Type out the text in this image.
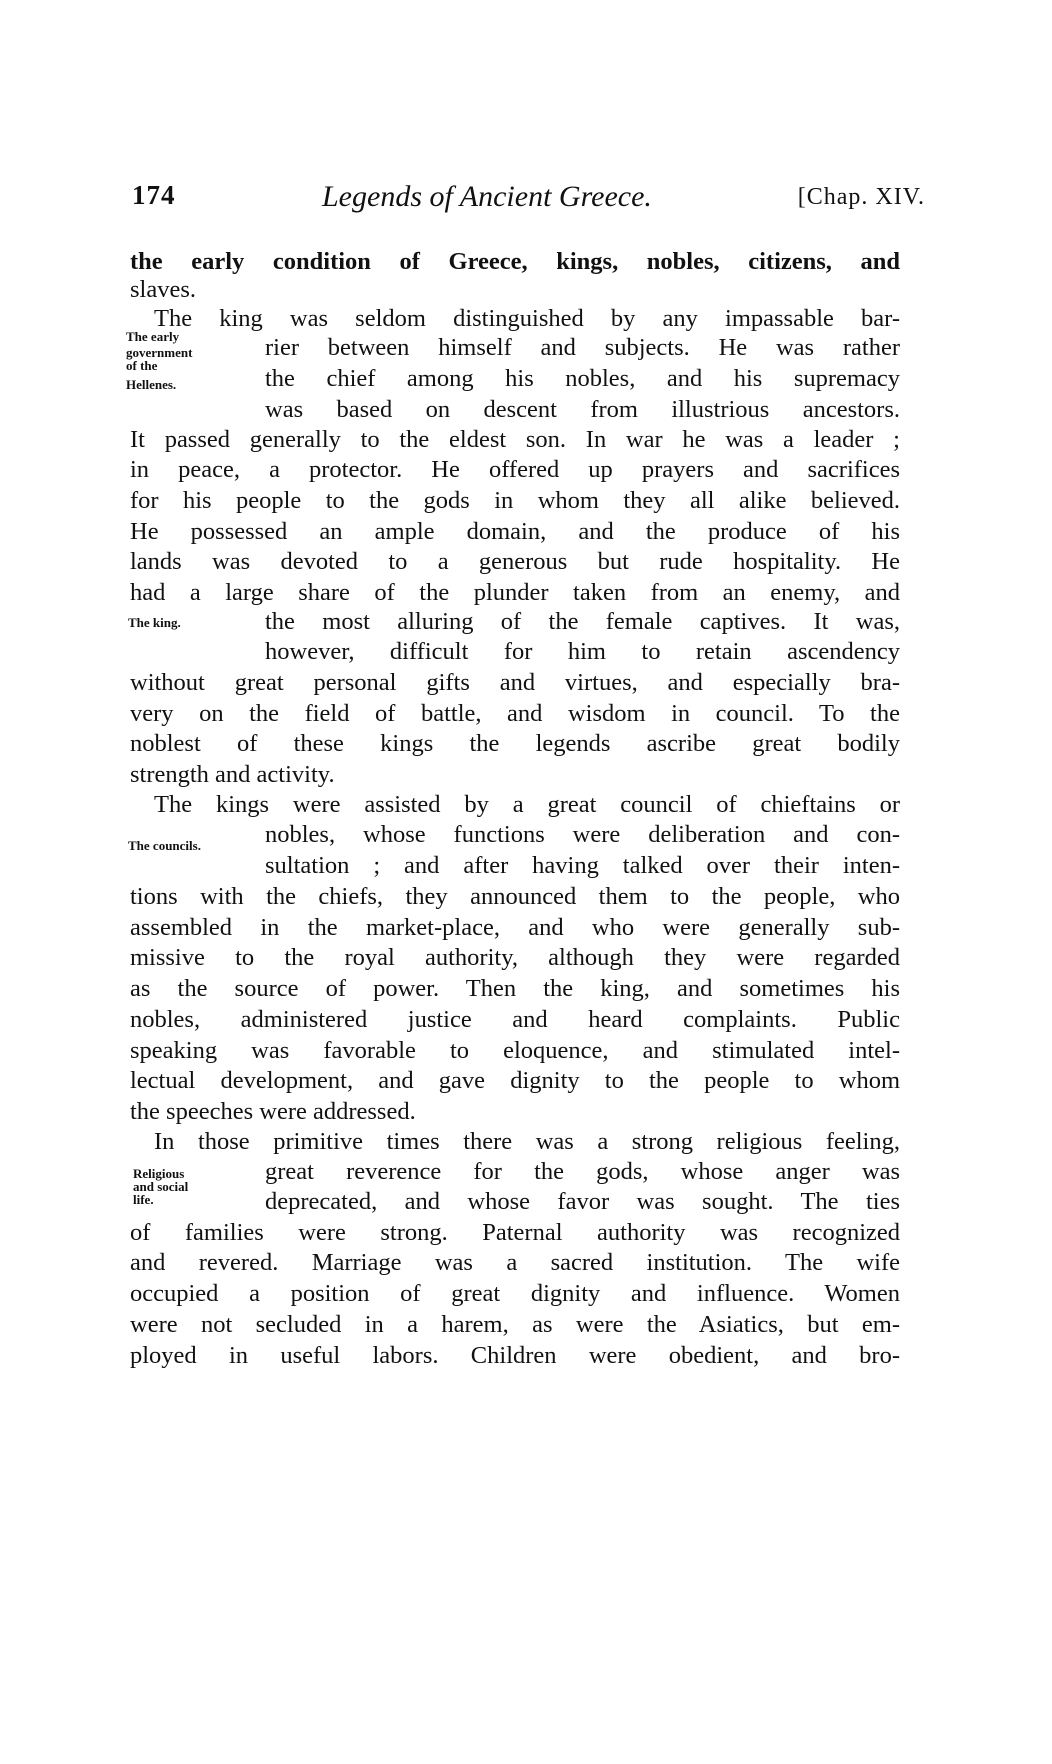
174	Legends of Ancient Greece.	[Chap. XIV.
The early
government
of the
Hellenes.
The king.
The councils.
Religious
and social
life.
the early condition of Greece, kings, nobles, citizens, and
slaves.
The king was seldom distinguished by any impassable bar-
rier between himself and subjects. He was rather
the chief among his nobles, and his supremacy
was based on descent from illustrious ancestors.
It passed generally to the eldest son. In war he was a leader ;
in peace, a protector. He offered up prayers and sacrifices
for his people to the gods in whom they all alike believed.
He possessed an ample domain, and the produce of his
lands was devoted to a generous but rude hospitality. He
had a large share of the plunder taken from an enemy, and
the most alluring of the female captives. It was,
however, difficult for him to retain ascendency
without great personal gifts and virtues, and especially bra-
very on the field of battle, and wisdom in council. To the
noblest of these kings the legends ascribe great bodily
strength and activity.
The kings were assisted by a great council of chieftains or
nobles, whose functions were deliberation and con-
sultation ; and after having talked over their inten-
tions with the chiefs, they announced them to the people, who
assembled in the market-place, and who were generally sub-
missive to the royal authority, although they were regarded
as the source of power. Then the king, and sometimes his
nobles, administered justice and heard complaints. Public
speaking was favorable to eloquence, and stimulated intel-
lectual development, and gave dignity to the people to whom
the speeches were addressed.
In those primitive times there was a strong religious feeling,
great reverence for the gods, whose anger was
deprecated, and whose favor was sought. The ties
of families were strong. Paternal authority was recognized
and revered. Marriage was a sacred institution. The wife
occupied a position of great dignity and influence. Women
were not secluded in a harem, as were the Asiatics, but em-
ployed in useful labors. Children were obedient, and bro-
